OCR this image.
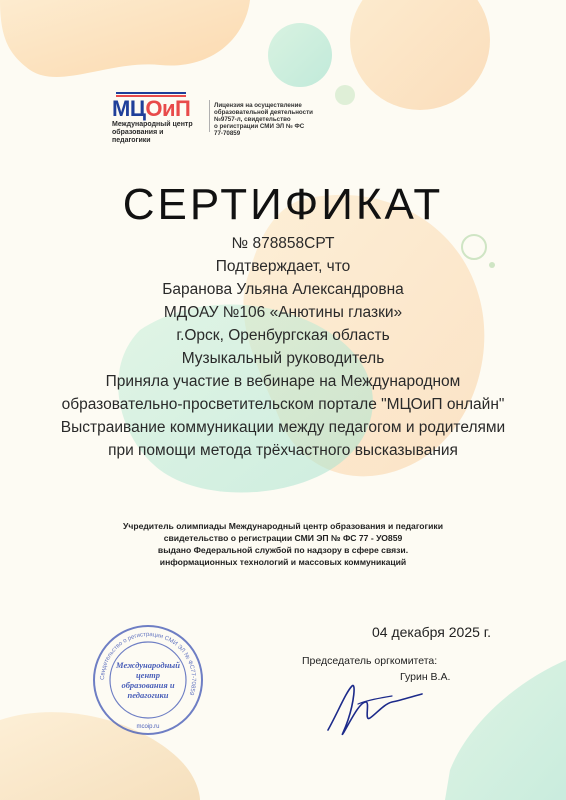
МЦОиП
Международный центр
образования и педагогики
Лицензия на осуществление
образовательной деятельности
№9757-л, свидетельство
о регистрации СМИ ЭЛ № ФС
77-70859
СЕРТИФИКАТ
№ 878858СРТ
Подтверждает, что
Баранова Ульяна Александровна
МДОАУ №106 «Анютины глазки»
г.Орск, Оренбургская область
Музыкальный руководитель
Приняла участие в вебинаре на Международном
образовательно-просветительском портале "МЦОиП онлайн"
Выстраивание коммуникации между педагогом и родителями
при помощи метода трёхчастного высказывания
Учредитель олимпиады Международный центр образования и педагогики
свидетельство о регистрации СМИ ЭП № ФС 77 - УО859
выдано Федеральной службой по надзору в сфере связи.
информационных технологий и массовых коммуникаций
04 декабря 2025 г.
Председатель оргкомитета:
Гурин В.А.
Свидетельство о регистрации СМИ ЭЛ № ФС77-70859
Международный
центр
образования и
педагогики
mcoip.ru
